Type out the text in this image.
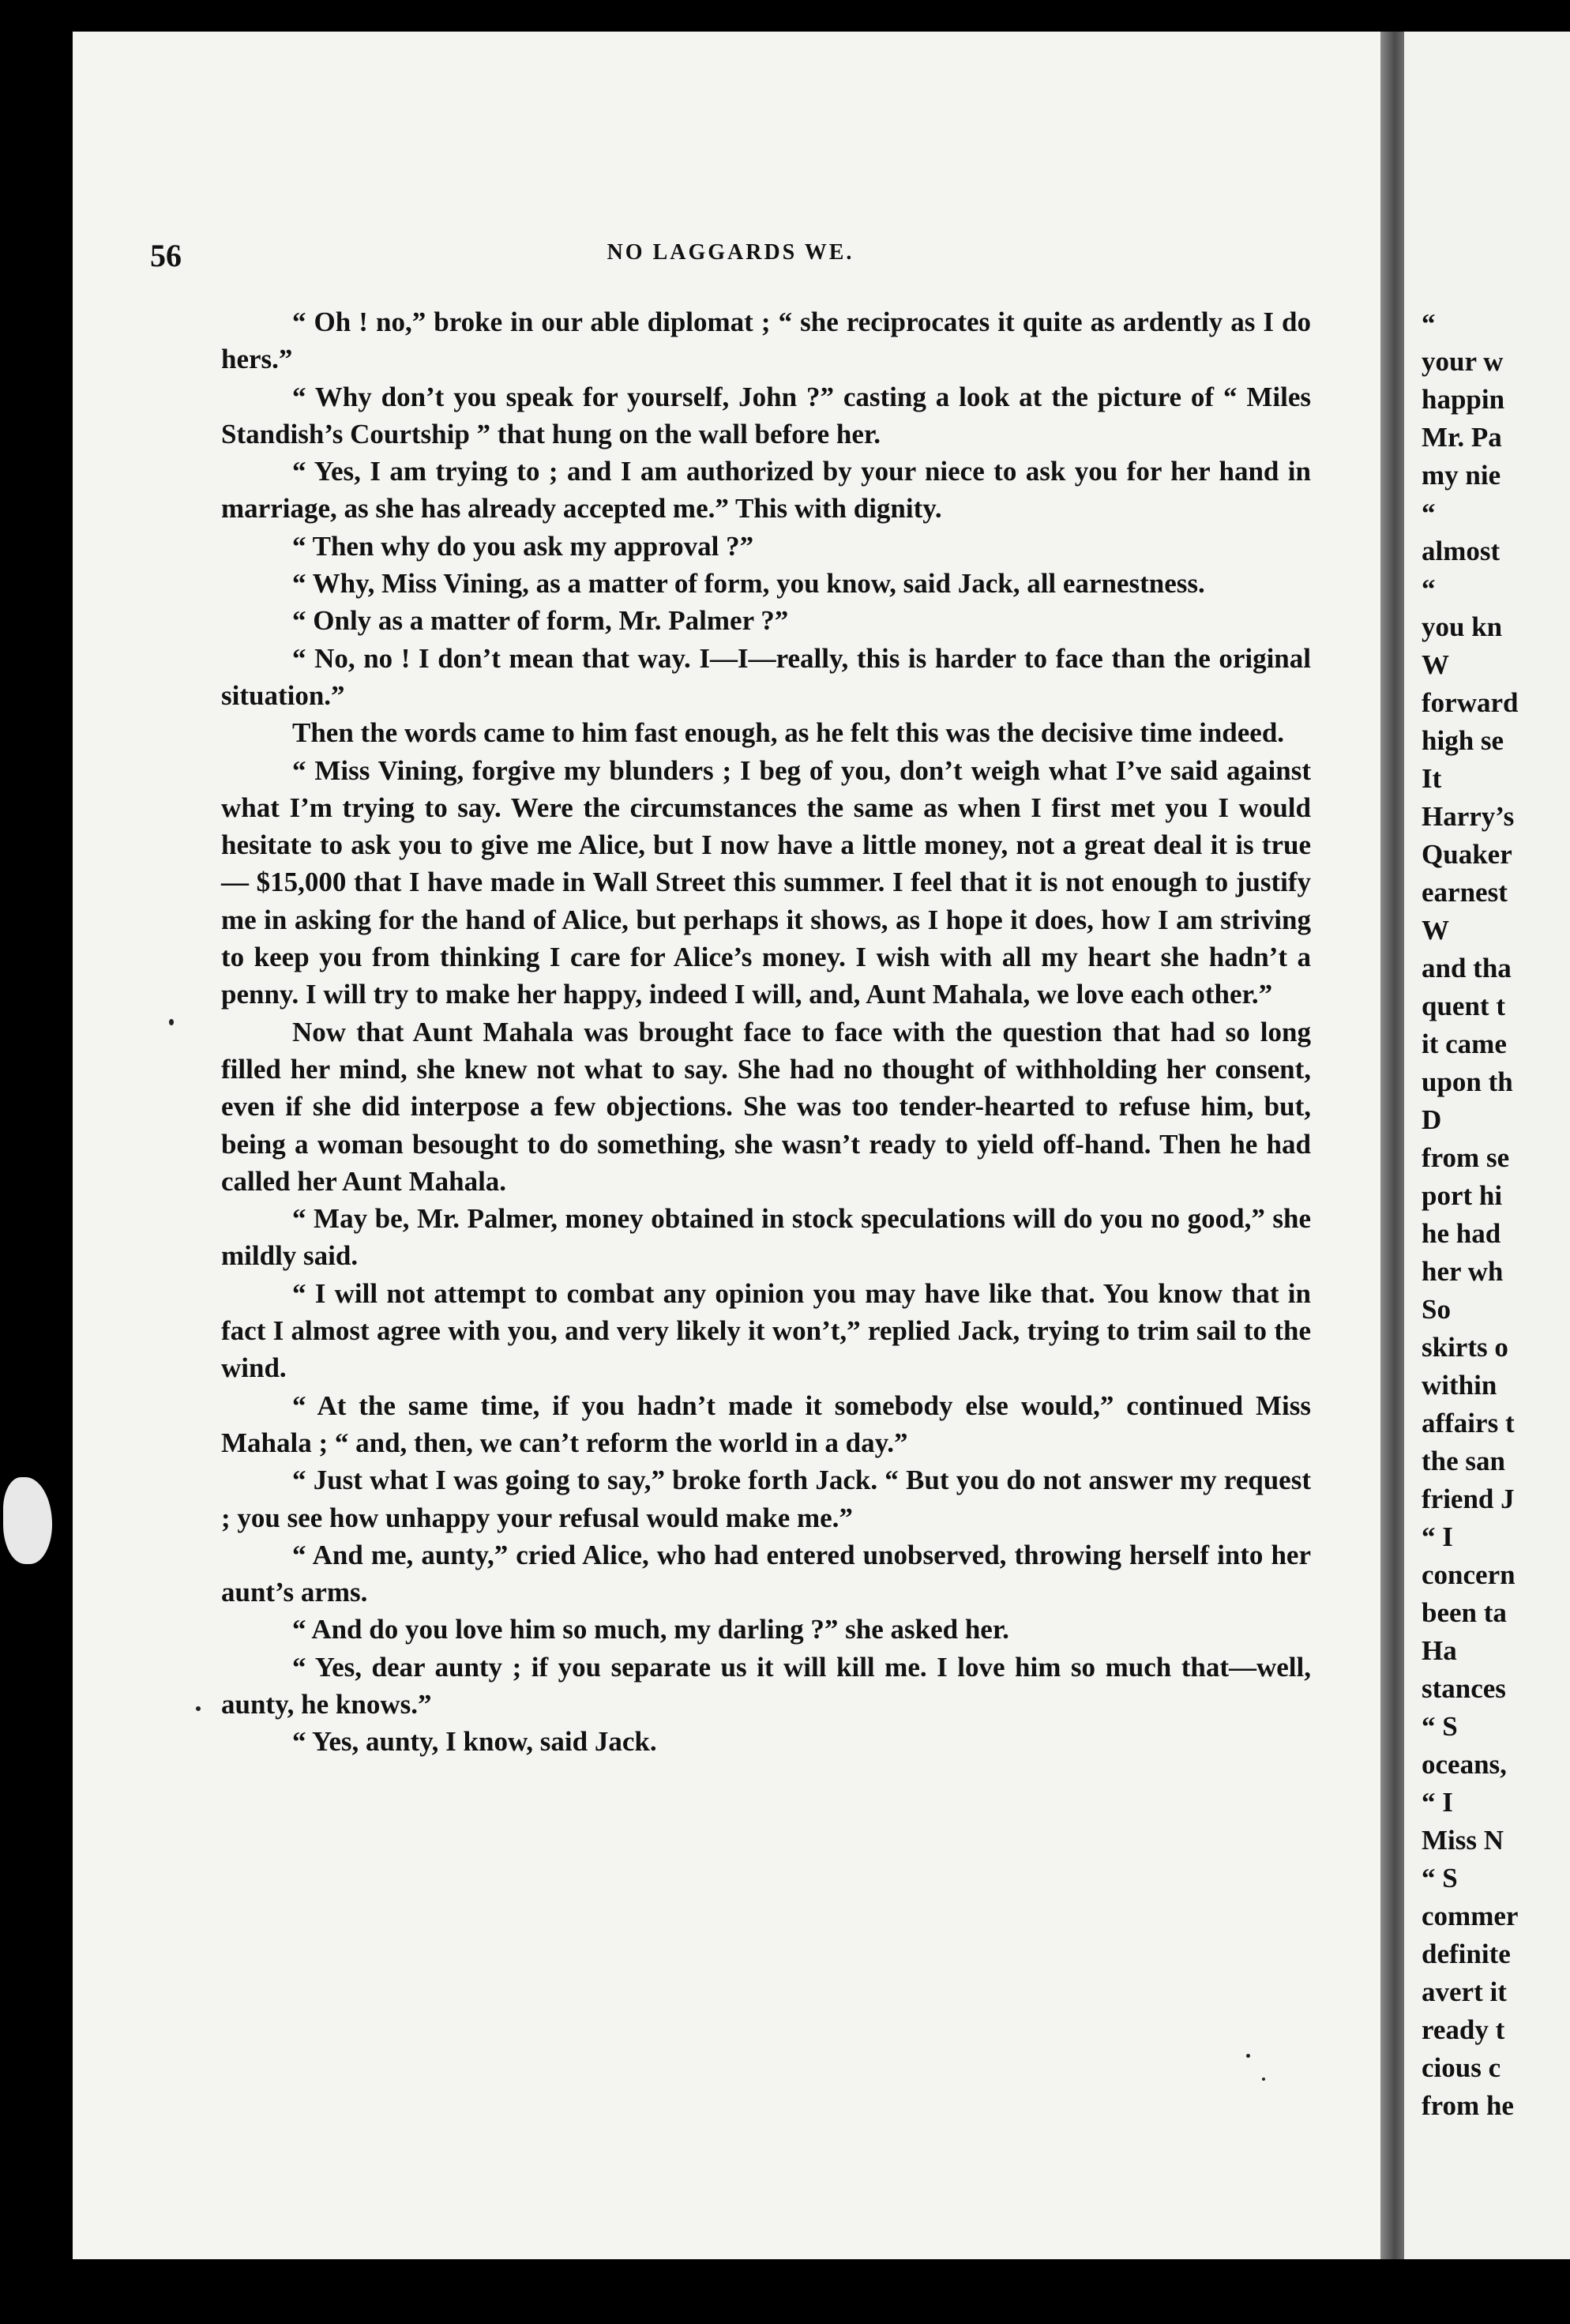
56	NO LAGGARDS WE.

“ Oh ! no,” broke in our able diplomat ; “ she reciprocates it quite as ardently as I do hers.”

“ Why don’t you speak for yourself, John ?” casting a look at the picture of “ Miles Standish’s Courtship ” that hung on the wall before her.

“ Yes, I am trying to ; and I am authorized by your niece to ask you for her hand in marriage, as she has already accepted me.” This with dignity.

“ Then why do you ask my approval ?”

“ Why, Miss Vining, as a matter of form, you know, said Jack, all earnestness.

“ Only as a matter of form, Mr. Palmer ?”

“ No, no ! I don’t mean that way. I—I—really, this is harder to face than the original situation.”

Then the words came to him fast enough, as he felt this was the decisive time indeed.

“ Miss Vining, forgive my blunders ; I beg of you, don’t weigh what I’ve said against what I’m trying to say. Were the circumstances the same as when I first met you I would hesitate to ask you to give me Alice, but I now have a little money, not a great deal it is true— $15,000 that I have made in Wall Street this summer. I feel that it is not enough to justify me in asking for the hand of Alice, but perhaps it shows, as I hope it does, how I am striving to keep you from thinking I care for Alice’s money. I wish with all my heart she hadn’t a penny. I will try to make her happy, indeed I will, and, Aunt Mahala, we love each other.”

Now that Aunt Mahala was brought face to face with the question that had so long filled her mind, she knew not what to say. She had no thought of withholding her consent, even if she did interpose a few objections. She was too tender-hearted to refuse him, but, being a woman besought to do something, she wasn’t ready to yield off-hand. Then he had called her Aunt Mahala.

“ May be, Mr. Palmer, money obtained in stock speculations will do you no good,” she mildly said.

“ I will not attempt to combat any opinion you may have like that. You know that in fact I almost agree with you, and very likely it won’t,” replied Jack, trying to trim sail to the wind.

“ At the same time, if you hadn’t made it somebody else would,” continued Miss Mahala ; “ and, then, we can’t reform the world in a day.”

“ Just what I was going to say,” broke forth Jack. “ But you do not answer my request ; you see how unhappy your refusal would make me.”

“ And me, aunty,” cried Alice, who had entered unobserved, throwing herself into her aunt’s arms.

“ And do you love him so much, my darling ?” she asked her.

“ Yes, dear aunty ; if you separate us it will kill me. I love him so much that—well, aunty, he knows.”

“ Yes, aunty, I know, said Jack.

“
your w
happin
Mr. Pa
my nie
“
almost
“
you kn
W
forward
high se
It
Harry’s
Quaker
earnest
W
and tha
quent t
it came
upon th
D
from se
port hi
he had
her wh
So
skirts o
within
affairs t
the san
friend J
“ I
concern
been ta
Ha
stances
“ S
oceans,
“ I
Miss N
“ S
commer
definite
avert it
ready t
cious c
from he
